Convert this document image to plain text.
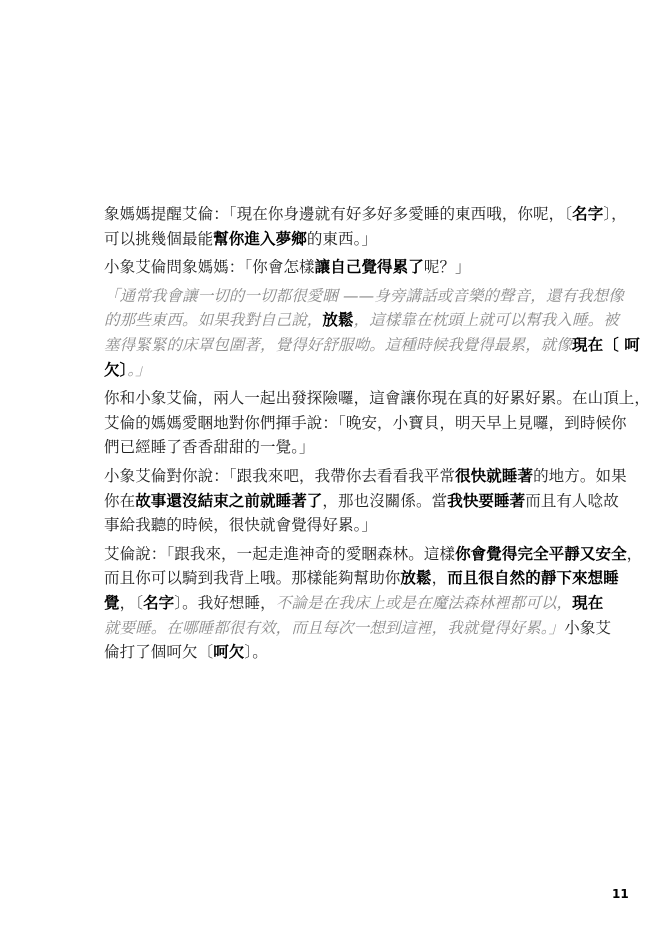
象媽媽提醒艾倫：「現在你身邊就有好多好多愛睡的東西哦，你呢，〔名字〕，
可以挑幾個最能幫你進入夢鄉的東西。」
小象艾倫問象媽媽：「你會怎樣讓自己覺得累了呢？」
「通常我會讓一切的一切都很愛睏 ——身旁講話或音樂的聲音，還有我想像
的那些東西。如果我對自己說，放鬆，這樣靠在枕頭上就可以幫我入睡。被
塞得緊緊的床罩包圍著，覺得好舒服呦。這種時候我覺得最累，就像現在〔 呵
欠〕。」
你和小象艾倫，兩人一起出發探險囉，這會讓你現在真的好累好累。在山頂上，
艾倫的媽媽愛睏地對你們揮手說：「晚安，小寶貝，明天早上見囉，到時候你
們已經睡了香香甜甜的一覺。」
小象艾倫對你說：「跟我來吧，我帶你去看看我平常很快就睡著的地方。如果
你在故事還沒結束之前就睡著了，那也沒關係。當我快要睡著而且有人唸故
事給我聽的時候，很快就會覺得好累。」
艾倫說：「跟我來，一起走進神奇的愛睏森林。這樣你會覺得完全平靜又安全，
而且你可以騎到我背上哦。那樣能夠幫助你放鬆，而且很自然的靜下來想睡
覺，〔名字〕。我好想睡，不論是在我床上或是在魔法森林裡都可以，現在
就要睡。在哪睡都很有效，而且每次一想到這裡，我就覺得好累。」小象艾
倫打了個呵欠〔呵欠〕。
11
